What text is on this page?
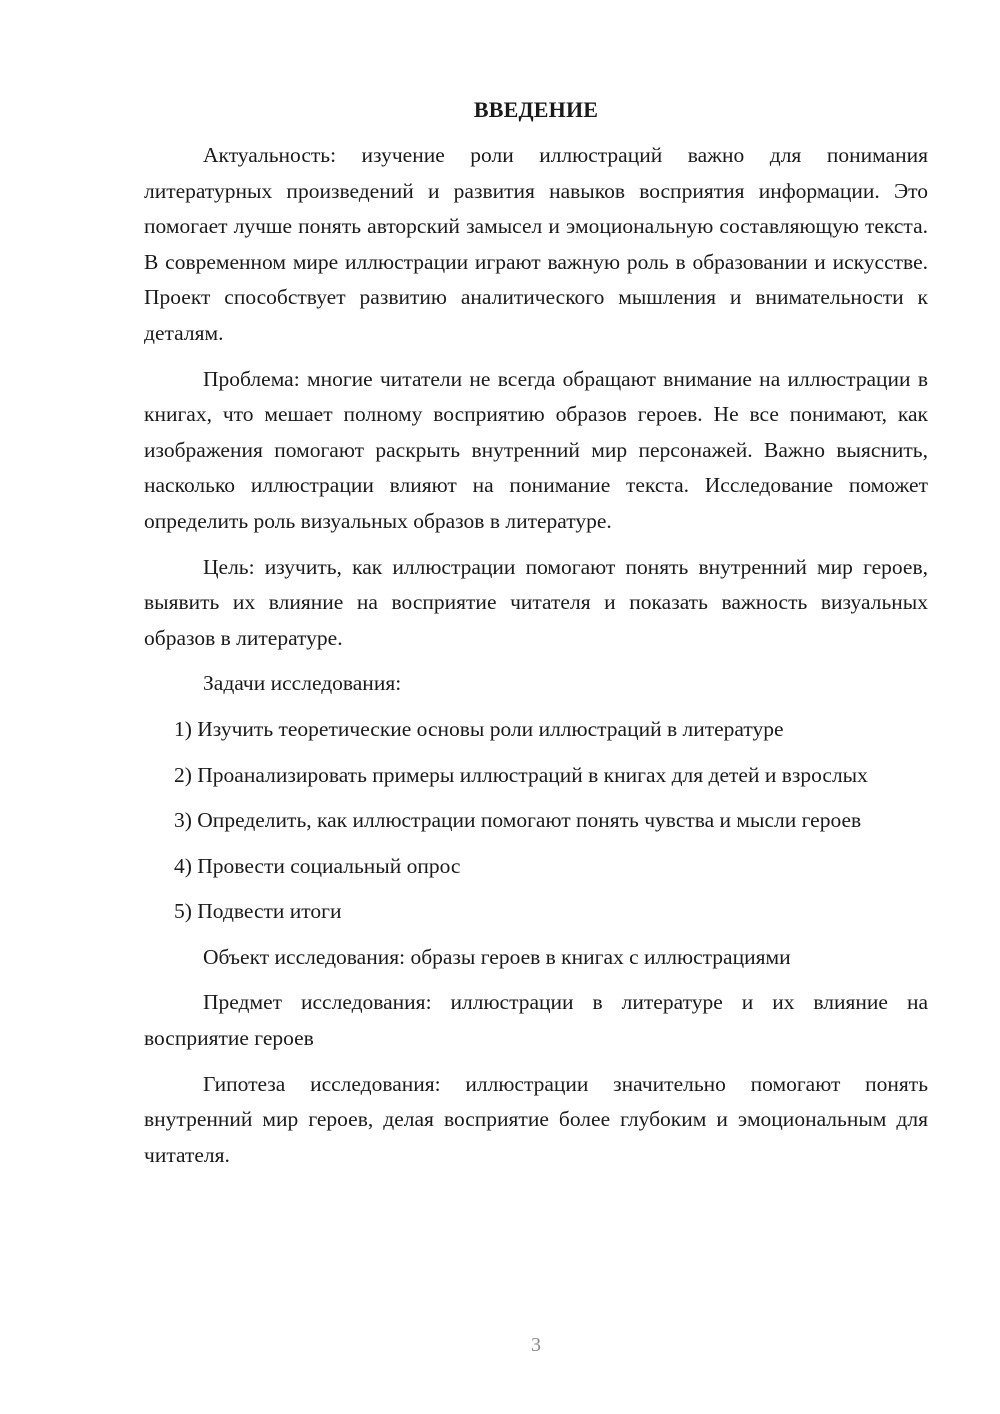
ВВЕДЕНИЕ

Актуальность: изучение роли иллюстраций важно для понимания литературных произведений и развития навыков восприятия информации. Это помогает лучше понять авторский замысел и эмоциональную составляющую текста. В современном мире иллюстрации играют важную роль в образовании и искусстве. Проект способствует развитию аналитического мышления и внимательности к деталям.

Проблема: многие читатели не всегда обращают внимание на иллюстрации в книгах, что мешает полному восприятию образов героев. Не все понимают, как изображения помогают раскрыть внутренний мир персонажей. Важно выяснить, насколько иллюстрации влияют на понимание текста. Исследование поможет определить роль визуальных образов в литературе.

Цель: изучить, как иллюстрации помогают понять внутренний мир героев, выявить их влияние на восприятие читателя и показать важность визуальных образов в литературе.

Задачи исследования:

1) Изучить теоретические основы роли иллюстраций в литературе

2) Проанализировать примеры иллюстраций в книгах для детей и взрослых

3) Определить, как иллюстрации помогают понять чувства и мысли героев

4) Провести социальный опрос

5) Подвести итоги

Объект исследования: образы героев в книгах с иллюстрациями

Предмет исследования: иллюстрации в литературе и их влияние на восприятие героев

Гипотеза исследования: иллюстрации значительно помогают понять внутренний мир героев, делая восприятие более глубоким и эмоциональным для читателя.

3
